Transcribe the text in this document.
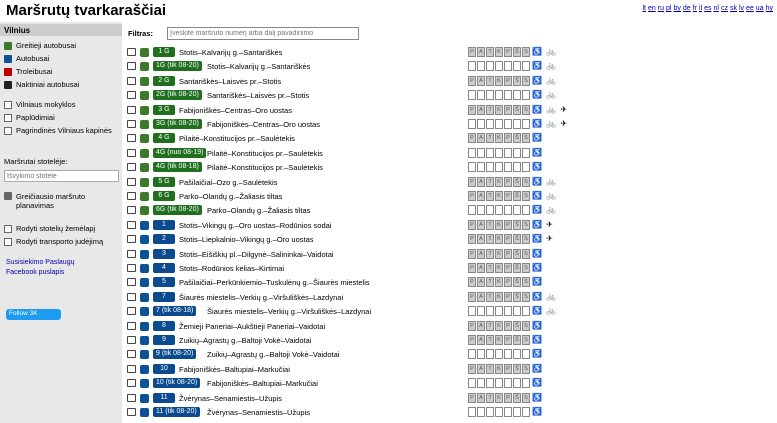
Maršrutų tvarkaraščiai	lt en ru pl by de fr il es nl cz sk lv ee ua hy
Vilnius
Greitieji autobusai
Autobusai
Troleibusai
Naktiniai autobusai
Vilniaus mokyklos
Paplūdimiai
Pagrindinės Vilniaus kapinės
Greičiausio maršruto planavimas
Rodyti stotelių žemėlapį
Rodyti transporto judėjimą
Maršrutai stotelėje:
Išvykimo stotelė
Susisiekimo Paslaugų
Facebook puslapis
Follow 3K
Filtras:
Įveskite maršruto numerį arba dalį pavadinimo
1 G	Stotis–Kalvarijų g.–Santariškės	P A T K P Š S ♿ 🚲
1G (tik 08-20)	Stotis–Kalvarijų g.–Santariškės	♿ 🚲
2 G	Santariškės–Laisvės pr.–Stotis	P A T K P Š S ♿ 🚲
2G (tik 08-20)	Santariškės–Laisvės pr.–Stotis	♿ 🚲
3 G	Fabijoniškės–Centras–Oro uostas	P A T K P Š S ♿ 🚲 ✈
3G (tik 08-20)	Fabijoniškės–Centras–Oro uostas	♿ 🚲 ✈
4 G	Pilaitė–Konstitucijos pr.–Saulėtekis	P A T K P Š S ♿
4G (nuo 08-19) Pilaitė–Konstitucijos pr.–Saulėtekis	♿
4G (tik 08-18)	Pilaitė–Konstitucijos pr.–Saulėtekis	♿
5 G	Pašilaičiai–Ozo g.–Saulėtekis	P A T K P Š S ♿ 🚲
6 G	Parko–Olandų g.–Žaliasis tiltas	P A T K P Š S ♿ 🚲
6G (tik 08-20)	Parko–Olandų g.–Žaliasis tiltas	♿ 🚲
1	Stotis–Vikingų g.–Oro uostas–Rodūnios sodai	P A T K P Š S ♿ ✈
2	Stotis–Liepkalnio–Vikingų g.–Oro uostas	P A T K P Š S ♿ ✈
3	Stotis–Eišiškių pl.–Dilgynė–Salininkai–Vaidotai	P A T K P Š S ♿
4	Stotis–Rodūnios kelias–Kirtimai	P A T K P Š S ♿
5	Pašilaičiai–Perkūnkiemio–Tuskulėnų g.–Šiaurės miestelis	P A T K P Š S ♿
7	Šiaurės miestelis–Verkių g.–Viršuliškės–Lazdynai	P A T K P Š S ♿ 🚲
7 (tik 08-18)	Šiaurės miestelis–Verkių g.–Viršuliškės–Lazdynai	♿ 🚲
8	Žemieji Paneriai–Aukštieji Paneriai–Vaidotai	P A T K P Š S ♿
9	Zuikių–Agrastų g.–Baltoji Vokė–Vaidotai	P A T K P Š S ♿
9 (tik 08-20)	Zuikių–Agrastų g.–Baltoji Vokė–Vaidotai	♿
10	Fabijoniškės–Baltupiai–Markučiai	P A T K P Š S ♿
10 (tik 08-20)	Fabijoniškės–Baltupiai–Markučiai	♿
11	Žvėrynas–Senamiestis–Užupis	P A T K P Š S ♿
11 (tik 08-20)	Žvėrynas–Senamiestis–Užupis	♿
